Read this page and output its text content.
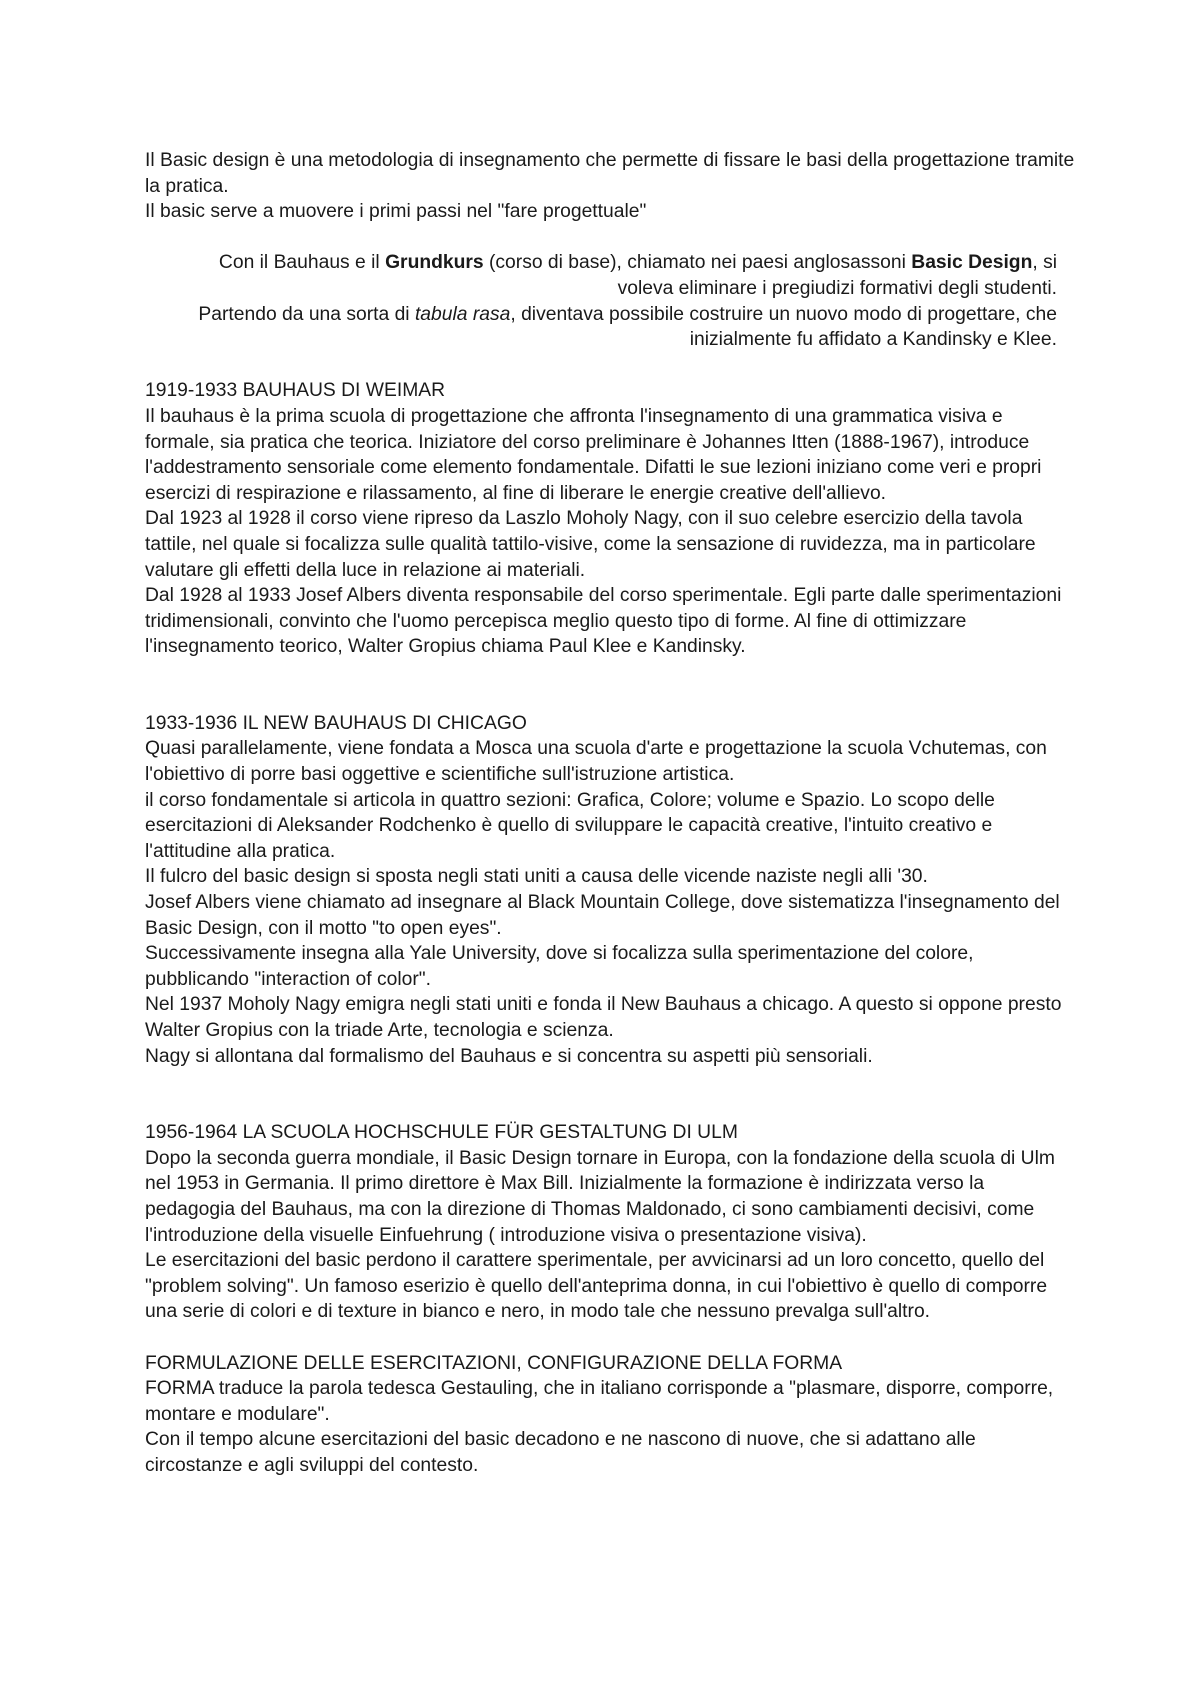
Il Basic design è una metodologia di insegnamento che permette di fissare le basi della progettazione tramite la pratica.

Il basic serve a muovere i primi passi nel "fare progettuale"

Con il Bauhaus e il Grundkurs (corso di base), chiamato nei paesi anglosassoni Basic Design, si voleva eliminare i pregiudizi formativi degli studenti.

Partendo da una sorta di tabula rasa, diventava possibile costruire un nuovo modo di progettare, che inizialmente fu affidato a Kandinsky e Klee.

1919-1933 BAUHAUS DI WEIMAR

Il bauhaus è la prima scuola di progettazione che affronta l'insegnamento di una grammatica visiva e formale, sia pratica che teorica. Iniziatore del corso preliminare è Johannes Itten (1888-1967), introduce l'addestramento sensoriale come elemento fondamentale. Difatti le sue lezioni iniziano come veri e propri esercizi di respirazione e rilassamento, al fine di liberare le energie creative dell'allievo.

Dal 1923 al 1928 il corso viene ripreso da Laszlo Moholy Nagy, con il suo celebre esercizio della tavola tattile, nel quale si focalizza sulle qualità tattilo-visive, come la sensazione di ruvidezza, ma in particolare valutare gli effetti della luce in relazione ai materiali.

Dal 1928 al 1933 Josef Albers diventa responsabile del corso sperimentale. Egli parte dalle sperimentazioni tridimensionali, convinto che l'uomo percepisca meglio questo tipo di forme. Al fine di ottimizzare l'insegnamento teorico, Walter Gropius chiama Paul Klee e Kandinsky.

1933-1936 IL NEW BAUHAUS DI CHICAGO

Quasi parallelamente, viene fondata a Mosca una scuola d'arte e progettazione la scuola Vchutemas, con l'obiettivo di porre basi oggettive e scientifiche sull'istruzione artistica.

il corso fondamentale si articola in quattro sezioni: Grafica, Colore; volume e Spazio. Lo scopo delle esercitazioni di Aleksander Rodchenko è quello di sviluppare le capacità creative, l'intuito creativo e l'attitudine alla pratica.

Il fulcro del basic design si sposta negli stati uniti a causa delle vicende naziste negli alli '30.

Josef Albers viene chiamato ad insegnare al Black Mountain College, dove sistematizza l'insegnamento del Basic Design, con il motto "to open eyes".

Successivamente insegna alla Yale University, dove si focalizza sulla sperimentazione del colore, pubblicando "interaction of color".

Nel 1937 Moholy Nagy emigra negli stati uniti e fonda il New Bauhaus a chicago. A questo si oppone presto Walter Gropius con la triade Arte, tecnologia e scienza.

Nagy si allontana dal formalismo del Bauhaus e si concentra su aspetti più sensoriali.

1956-1964 LA SCUOLA HOCHSCHULE FÜR GESTALTUNG DI ULM

Dopo la seconda guerra mondiale, il Basic Design tornare in Europa, con la fondazione della scuola di Ulm nel 1953 in Germania. Il primo direttore è Max Bill. Inizialmente la formazione è indirizzata verso la pedagogia del Bauhaus, ma con la direzione di Thomas Maldonado, ci sono cambiamenti decisivi, come l'introduzione della visuelle Einfuehrung ( introduzione visiva o presentazione visiva).

Le esercitazioni del basic perdono il carattere sperimentale, per avvicinarsi ad un loro concetto, quello del "problem solving". Un famoso eserizio è quello dell'anteprima donna, in cui l'obiettivo è quello di comporre una serie di colori e di texture in bianco e nero, in modo tale che nessuno prevalga sull'altro.

FORMULAZIONE DELLE ESERCITAZIONI, CONFIGURAZIONE DELLA FORMA

FORMA traduce la parola tedesca Gestauling, che in italiano corrisponde a "plasmare, disporre, comporre, montare e modulare".

Con il tempo alcune esercitazioni del basic decadono e ne nascono di nuove, che si adattano alle circostanze e agli sviluppi del contesto.
